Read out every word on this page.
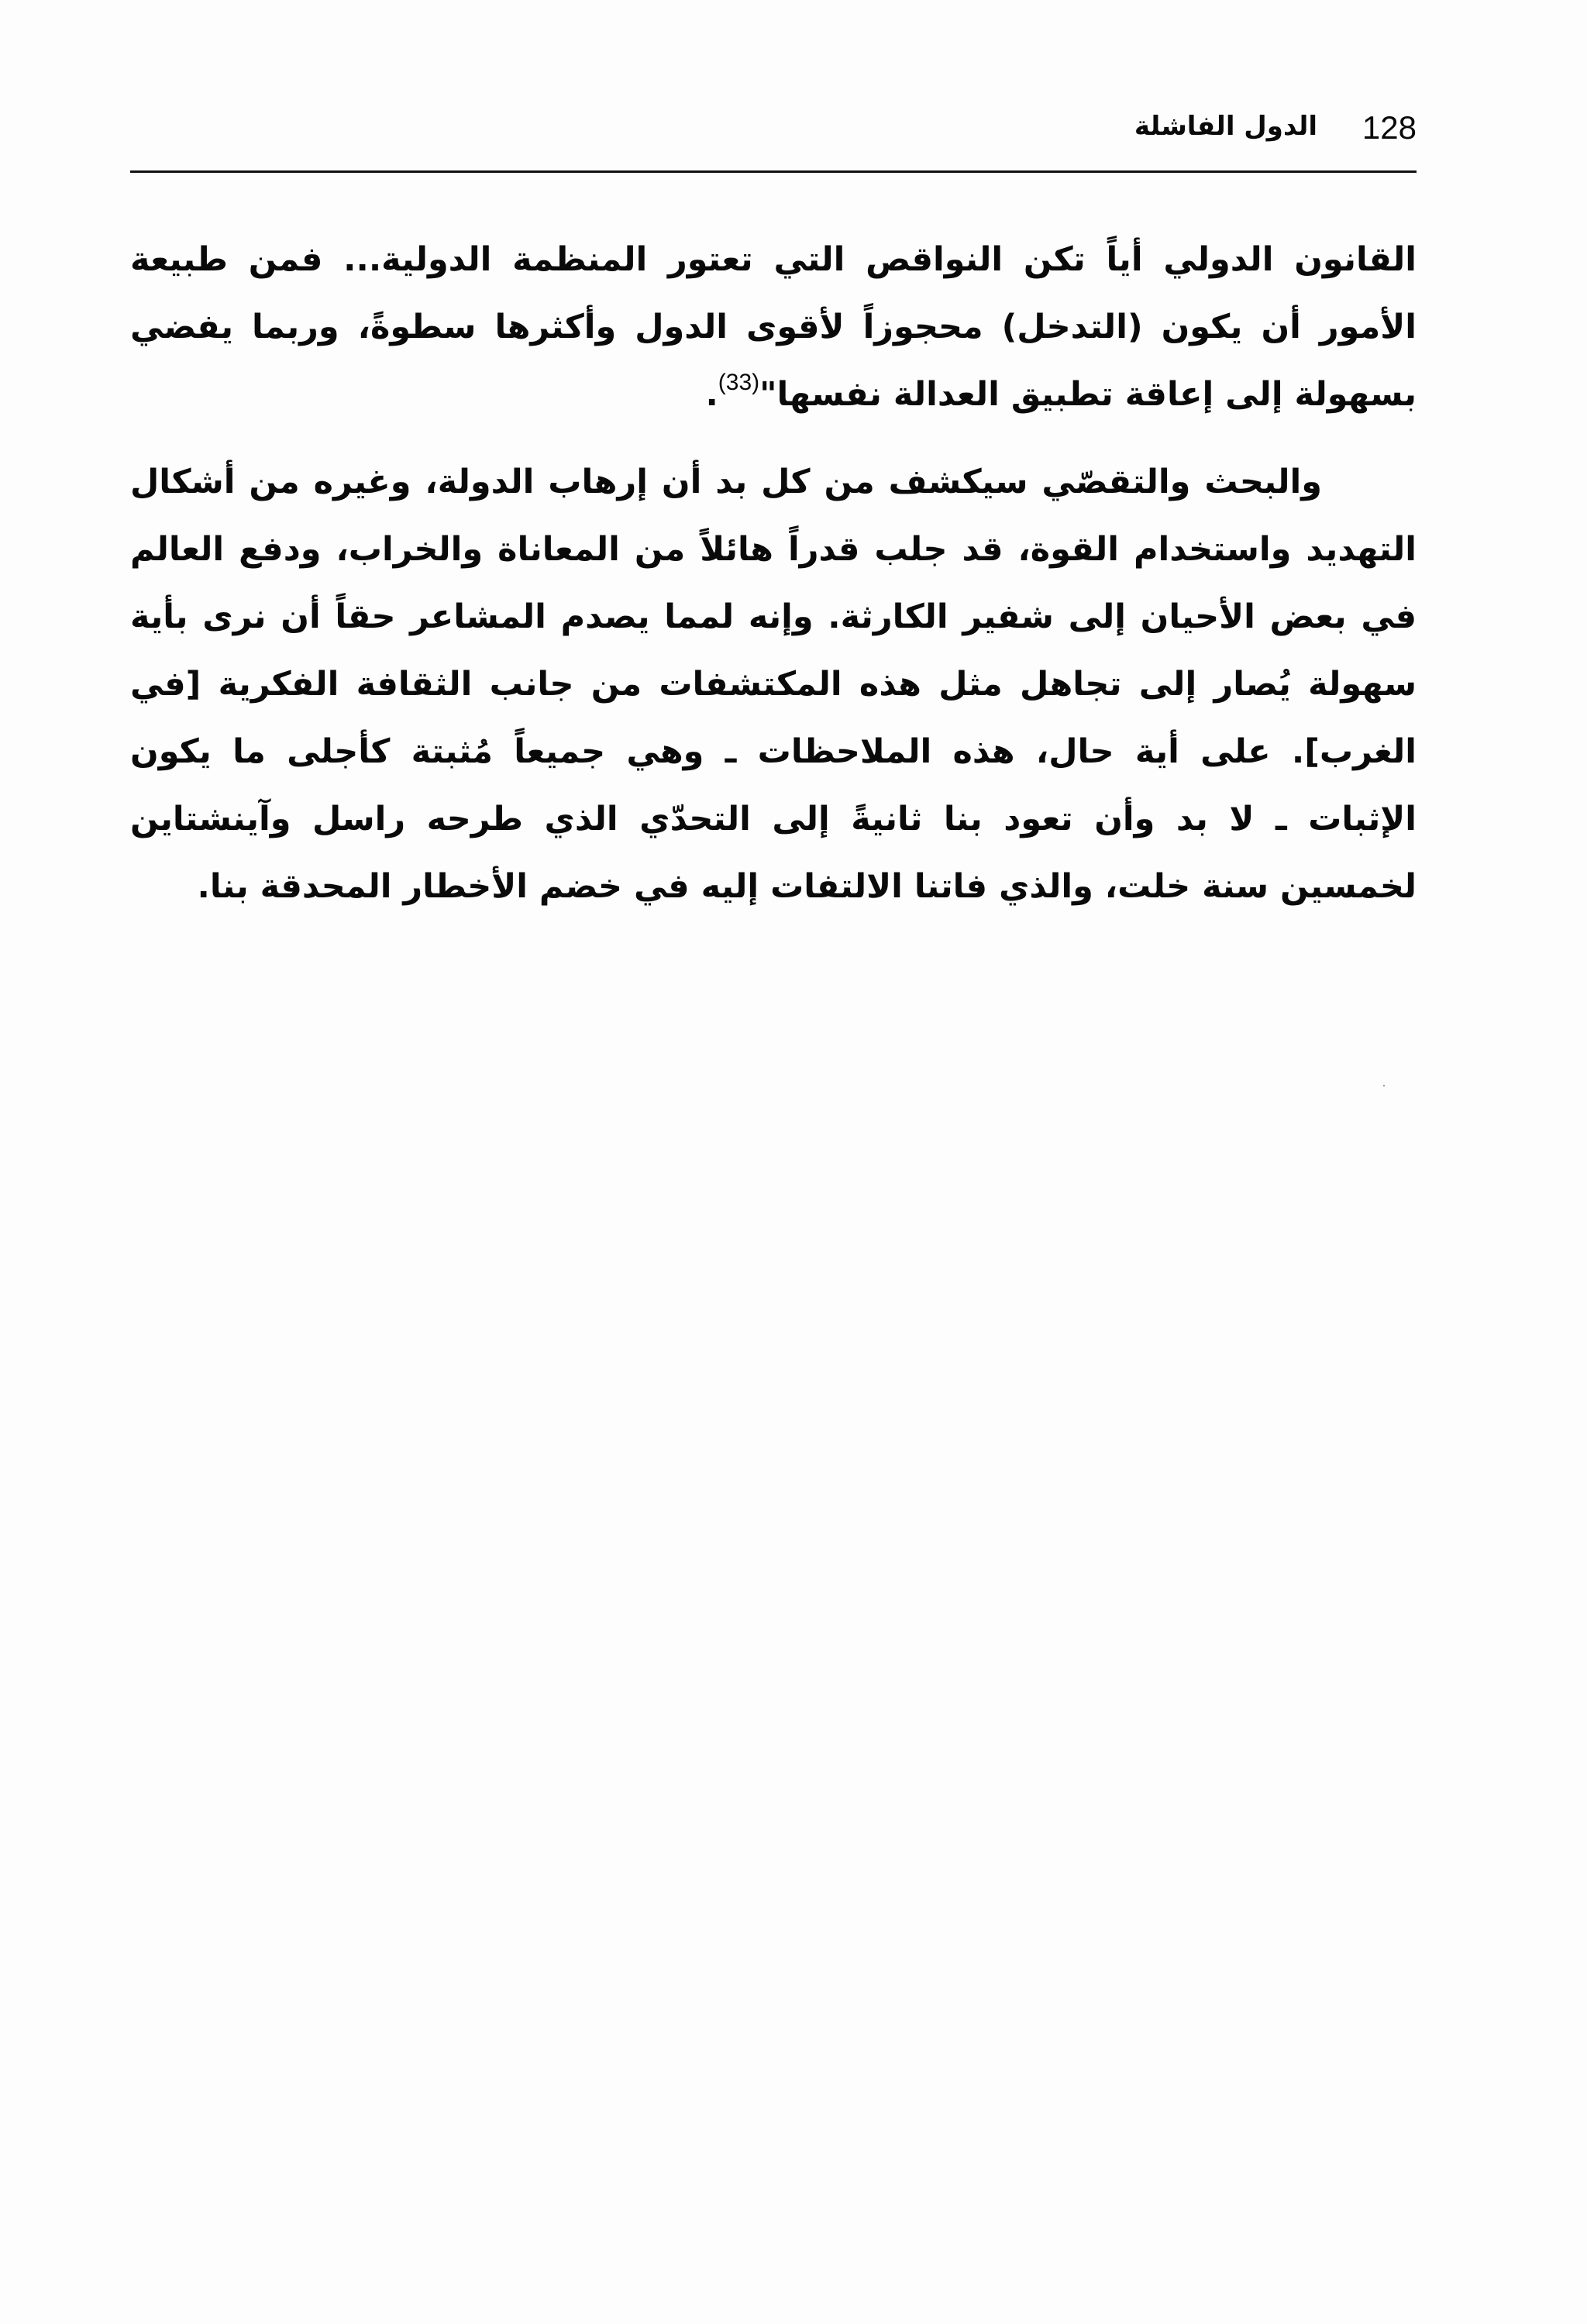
128
الدول الفاشلة

القانون الدولي أياً تكن النواقص التي تعتور المنظمة الدولية... فمن طبيعة الأمور أن يكون (التدخل) محجوزاً لأقوى الدول وأكثرها سطوةً، وربما يفضي بسهولة إلى إعاقة تطبيق العدالة نفسها"$^{(33)}$.

والبحث والتقصّي سيكشف من كل بد أن إرهاب الدولة، وغيره من أشكال التهديد واستخدام القوة، قد جلب قدراً هائلاً من المعاناة والخراب، ودفع العالم في بعض الأحيان إلى شفير الكارثة. وإنه لمما يصدم المشاعر حقاً أن نرى بأية سهولة يُصار إلى تجاهل مثل هذه المكتشفات من جانب الثقافة الفكرية [في الغرب]. على أية حال، هذه الملاحظات ـ وهي جميعاً مُثبتة كأجلى ما يكون الإثبات ـ لا بد وأن تعود بنا ثانيةً إلى التحدّي الذي طرحه راسل وآينشتاين لخمسين سنة خلت، والذي فاتنا الالتفات إليه في خضم الأخطار المحدقة بنا.
